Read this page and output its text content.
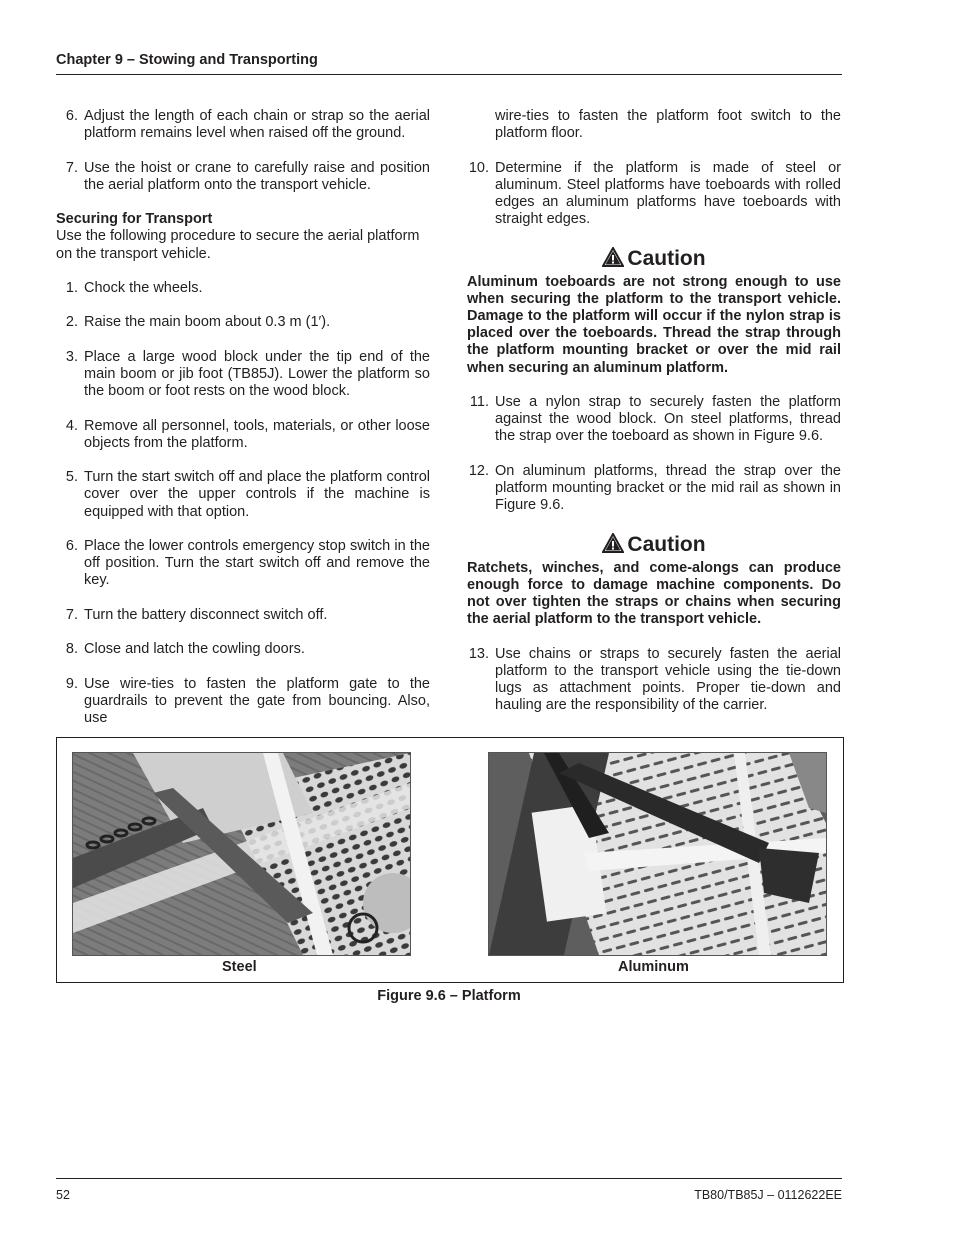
Chapter 9 – Stowing and Transporting
6. Adjust the length of each chain or strap so the aerial platform remains level when raised off the ground.
7. Use the hoist or crane to carefully raise and position the aerial platform onto the transport vehicle.
Securing for Transport
Use the following procedure to secure the aerial platform on the transport vehicle.
1. Chock the wheels.
2. Raise the main boom about 0.3 m (1′).
3. Place a large wood block under the tip end of the main boom or jib foot (TB85J). Lower the platform so the boom or foot rests on the wood block.
4. Remove all personnel, tools, materials, or other loose objects from the platform.
5. Turn the start switch off and place the platform control cover over the upper controls if the machine is equipped with that option.
6. Place the lower controls emergency stop switch in the off position. Turn the start switch off and remove the key.
7. Turn the battery disconnect switch off.
8. Close and latch the cowling doors.
9. Use wire-ties to fasten the platform gate to the guardrails to prevent the gate from bouncing. Also, use
wire-ties to fasten the platform foot switch to the platform floor.
10. Determine if the platform is made of steel or aluminum. Steel platforms have toeboards with rolled edges an aluminum platforms have toeboards with straight edges.
Caution
Aluminum toeboards are not strong enough to use when securing the platform to the transport vehicle. Damage to the platform will occur if the nylon strap is placed over the toeboards. Thread the strap through the platform mounting bracket or over the mid rail when securing an aluminum platform.
11. Use a nylon strap to securely fasten the platform against the wood block. On steel platforms, thread the strap over the toeboard as shown in Figure 9.6.
12. On aluminum platforms, thread the strap over the platform mounting bracket or the mid rail as shown in Figure 9.6.
Caution
Ratchets, winches, and come-alongs can produce enough force to damage machine components. Do not over tighten the straps or chains when securing the aerial platform to the transport vehicle.
13. Use chains or straps to securely fasten the aerial platform to the transport vehicle using the tie-down lugs as attachment points. Proper tie-down and hauling are the responsibility of the carrier.
Steel	Aluminum
Figure 9.6 – Platform
52	TB80/TB85J – 0112622EE
